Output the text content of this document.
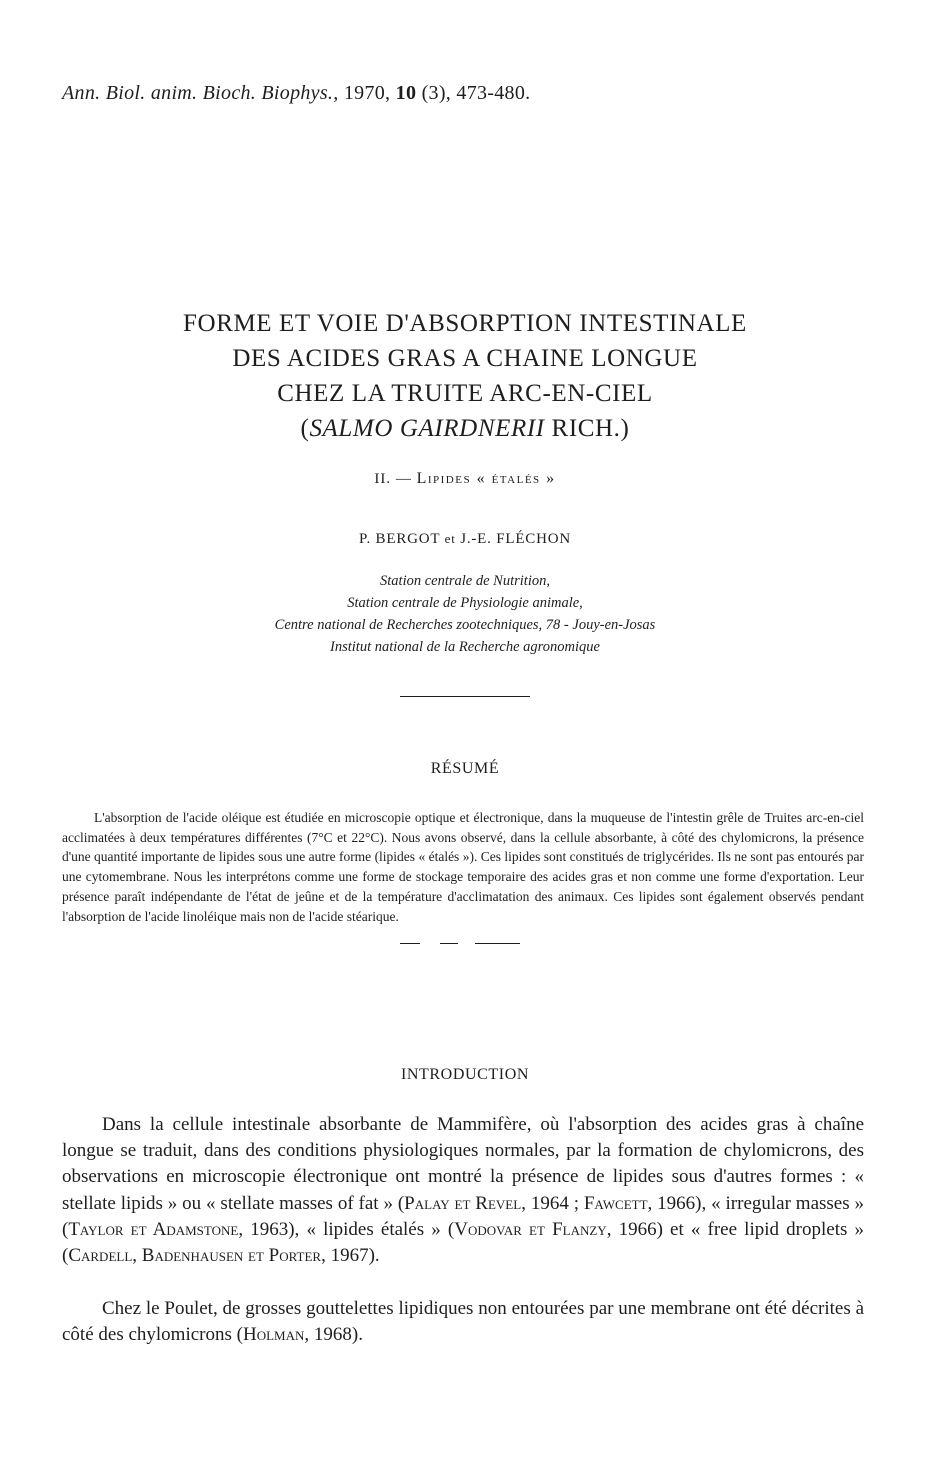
Ann. Biol. anim. Bioch. Biophys., 1970, 10 (3), 473-480.
FORME ET VOIE D'ABSORPTION INTESTINALE
DES ACIDES GRAS A CHAINE LONGUE
CHEZ LA TRUITE ARC-EN-CIEL
(SALMO GAIRDNERII RICH.)
II. — Lipides « étalés »
P. BERGOT et J.-E. FLÉCHON
Station centrale de Nutrition,
Station centrale de Physiologie animale,
Centre national de Recherches zootechniques, 78 - Jouy-en-Josas
Institut national de la Recherche agronomique
RÉSUMÉ

L'absorption de l'acide oléique est étudiée en microscopie optique et électronique, dans la muqueuse de l'intestin grêle de Truites arc-en-ciel acclimatées à deux températures différentes (7°C et 22°C). Nous avons observé, dans la cellule absorbante, à côté des chylomicrons, la présence d'une quantité importante de lipides sous une autre forme (lipides « étalés »). Ces lipides sont constitués de triglycérides. Ils ne sont pas entourés par une cytomembrane. Nous les interprétons comme une forme de stockage temporaire des acides gras et non comme une forme d'exportation. Leur présence paraît indépendante de l'état de jeûne et de la température d'acclimatation des animaux. Ces lipides sont également observés pendant l'absorption de l'acide linoléique mais non de l'acide stéarique.

INTRODUCTION

Dans la cellule intestinale absorbante de Mammifère, où l'absorption des acides gras à chaîne longue se traduit, dans des conditions physiologiques normales, par la formation de chylomicrons, des observations en microscopie électronique ont montré la présence de lipides sous d'autres formes : « stellate lipids » ou « stellate masses of fat » (Palay et Revel, 1964 ; Fawcett, 1966), « irregular masses » (Taylor et Adamstone, 1963), « lipides étalés » (Vodovar et Flanzy, 1966) et « free lipid droplets » (Cardell, Badenhausen et Porter, 1967).

Chez le Poulet, de grosses gouttelettes lipidiques non entourées par une membrane ont été décrites à côté des chylomicrons (Holman, 1968).
